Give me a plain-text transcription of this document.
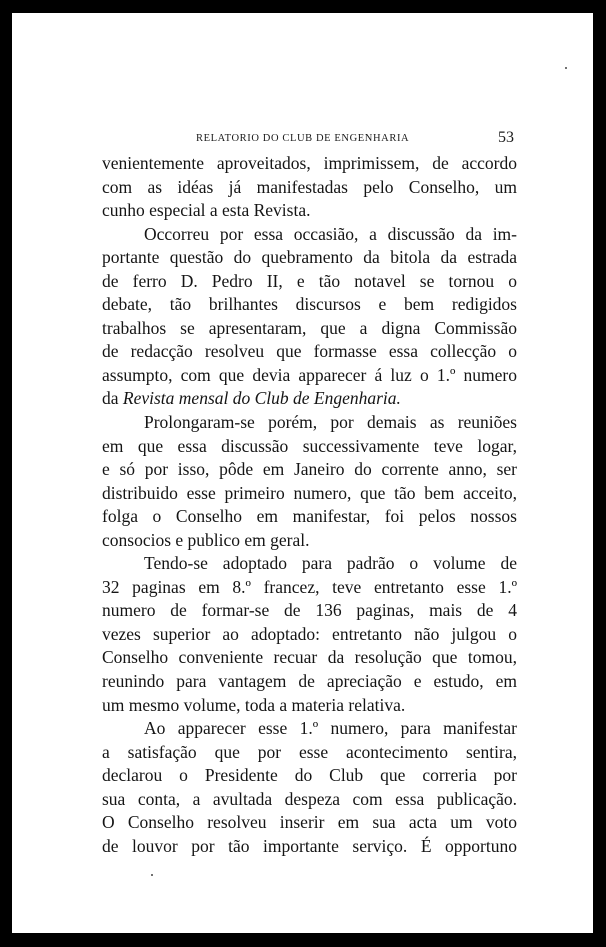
RELATORIO DO CLUB DE ENGENHARIA	53
venientemente aproveitados, imprimissem, de accordo
com as idéas já manifestadas pelo Conselho, um
cunho especial a esta Revista.
Occorreu por essa occasião, a discussão da im-
portante questão do quebramento da bitola da estrada
de ferro D. Pedro II, e tão notavel se tornou o
debate, tão brilhantes discursos e bem redigidos
trabalhos se apresentaram, que a digna Commissão
de redacção resolveu que formasse essa collecção o
assumpto, com que devia apparecer á luz o 1.º numero
da Revista mensal do Club de Engenharia.
Prolongaram-se porém, por demais as reuniões
em que essa discussão successivamente teve logar,
e só por isso, pôde em Janeiro do corrente anno, ser
distribuido esse primeiro numero, que tão bem acceito,
folga o Conselho em manifestar, foi pelos nossos
consocios e publico em geral.
Tendo-se adoptado para padrão o volume de
32 paginas em 8.º francez, teve entretanto esse 1.º
numero de formar-se de 136 paginas, mais de 4
vezes superior ao adoptado: entretanto não julgou o
Conselho conveniente recuar da resolução que tomou,
reunindo para vantagem de apreciação e estudo, em
um mesmo volume, toda a materia relativa.
Ao apparecer esse 1.º numero, para manifestar
a satisfação que por esse acontecimento sentira,
declarou o Presidente do Club que correria por
sua conta, a avultada despeza com essa publicação.
O Conselho resolveu inserir em sua acta um voto
de louvor por tão importante serviço. É opportuno
